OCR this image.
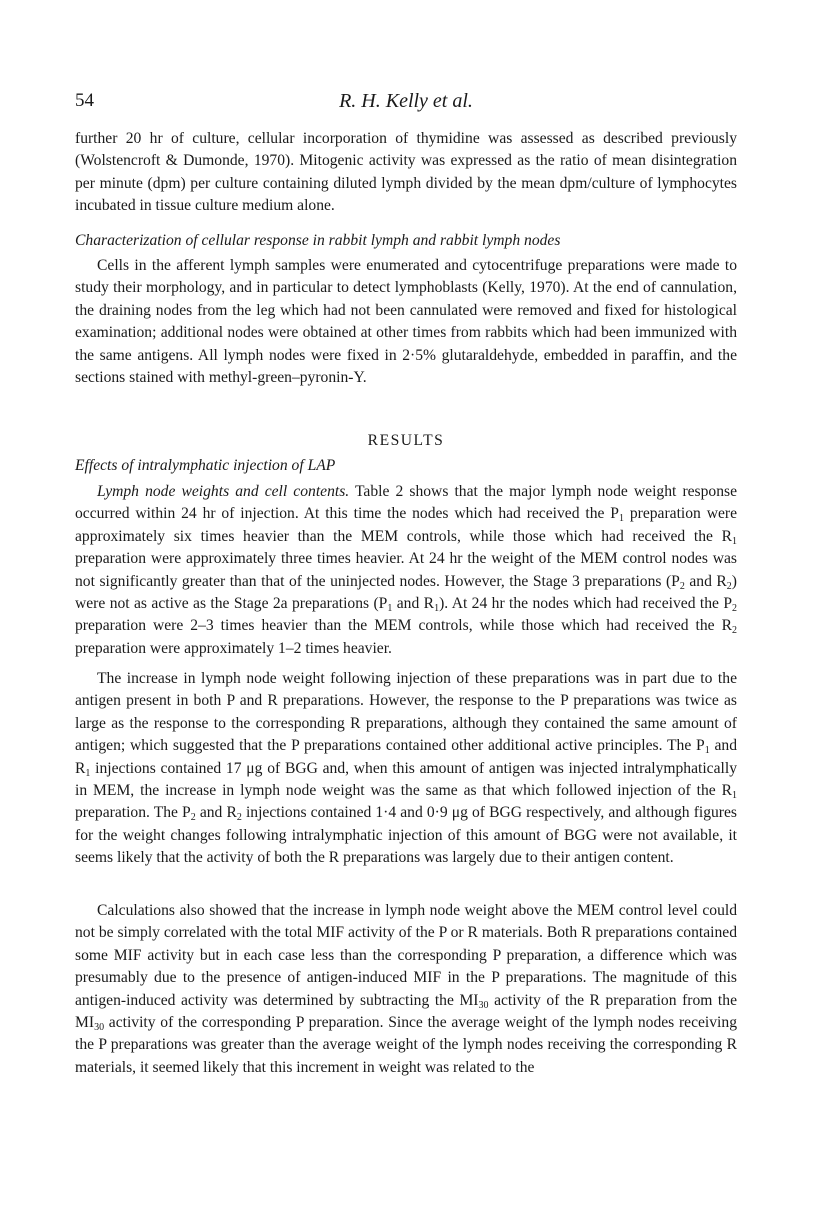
54	R. H. Kelly et al.

further 20 hr of culture, cellular incorporation of thymidine was assessed as described previously (Wolstencroft & Dumonde, 1970). Mitogenic activity was expressed as the ratio of mean disintegration per minute (dpm) per culture containing diluted lymph divided by the mean dpm/culture of lymphocytes incubated in tissue culture medium alone.

Characterization of cellular response in rabbit lymph and rabbit lymph nodes

Cells in the afferent lymph samples were enumerated and cytocentrifuge preparations were made to study their morphology, and in particular to detect lymphoblasts (Kelly, 1970). At the end of cannulation, the draining nodes from the leg which had not been cannulated were removed and fixed for histological examination; additional nodes were obtained at other times from rabbits which had been immunized with the same antigens. All lymph nodes were fixed in 2·5% glutaraldehyde, embedded in paraffin, and the sections stained with methyl-green–pyronin-Y.

RESULTS

Effects of intralymphatic injection of LAP

Lymph node weights and cell contents. Table 2 shows that the major lymph node weight response occurred within 24 hr of injection. At this time the nodes which had received the $P_1$ preparation were approximately six times heavier than the MEM controls, while those which had received the $R_1$ preparation were approximately three times heavier. At 24 hr the weight of the MEM control nodes was not significantly greater than that of the uninjected nodes. However, the Stage 3 preparations ($P_2$ and $R_2$) were not as active as the Stage 2a preparations ($P_1$ and $R_1$). At 24 hr the nodes which had received the $P_2$ preparation were 2–3 times heavier than the MEM controls, while those which had received the $R_2$ preparation were approximately 1–2 times heavier.

The increase in lymph node weight following injection of these preparations was in part due to the antigen present in both P and R preparations. However, the response to the P preparations was twice as large as the response to the corresponding R preparations, although they contained the same amount of antigen; which suggested that the P preparations contained other additional active principles. The $P_1$ and $R_1$ injections contained 17 μg of BGG and, when this amount of antigen was injected intralymphatically in MEM, the increase in lymph node weight was the same as that which followed injection of the $R_1$ preparation. The $P_2$ and $R_2$ injections contained 1·4 and 0·9 μg of BGG respectively, and although figures for the weight changes following intralymphatic injection of this amount of BGG were not available, it seems likely that the activity of both the R preparations was largely due to their antigen content.

Calculations also showed that the increase in lymph node weight above the MEM control level could not be simply correlated with the total MIF activity of the P or R materials. Both R preparations contained some MIF activity but in each case less than the corresponding P preparation, a difference which was presumably due to the presence of antigen-induced MIF in the P preparations. The magnitude of this antigen-induced activity was determined by subtracting the $MI_{30}$ activity of the R preparation from the $MI_{30}$ activity of the corresponding P preparation. Since the average weight of the lymph nodes receiving the P preparations was greater than the average weight of the lymph nodes receiving the corresponding R materials, it seemed likely that this increment in weight was related to the
